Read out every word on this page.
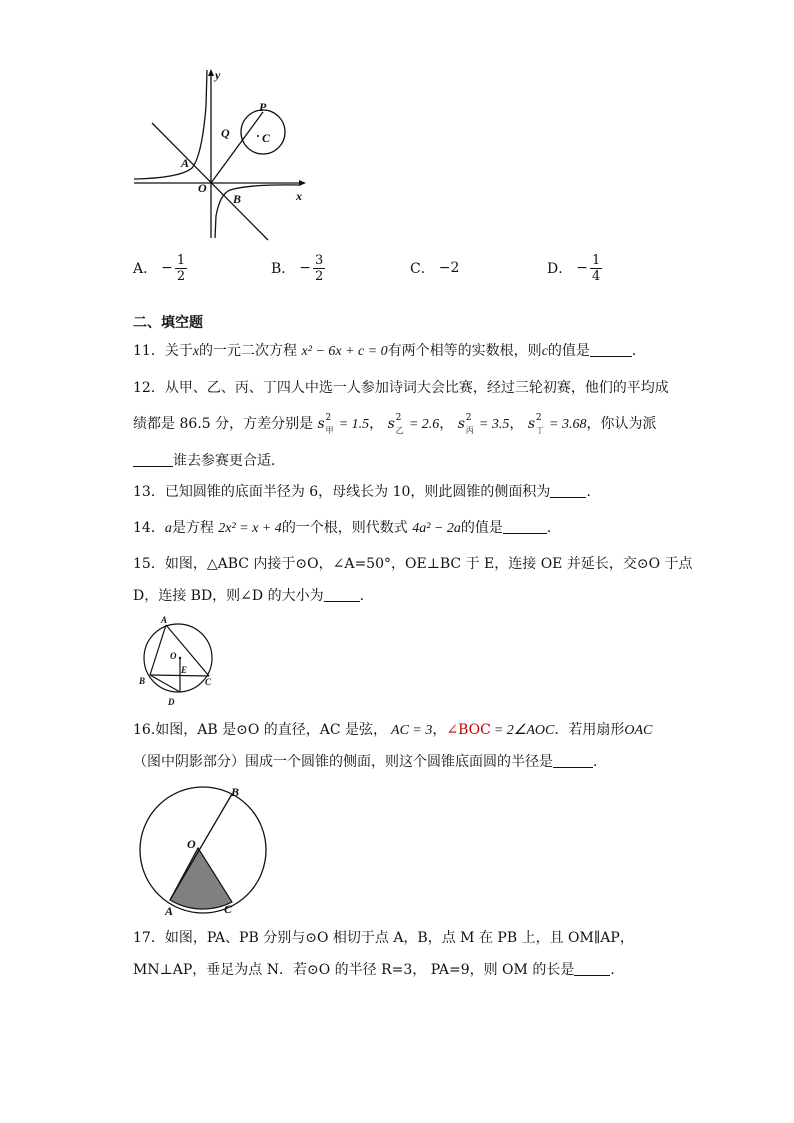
y
x
O
A
B
Q
P
C
A． − $\frac{1}{2}$	B． − $\frac{3}{2}$	C． −2	D． − $\frac{1}{4}$
二、填空题
11．关于x的一元二次方程 x² − 6x + c = 0有两个相等的实数根，则c的值是	．
12．从甲、乙、丙、丁四人中选一人参加诗词大会比赛，经过三轮初赛，他们的平均成
绩都是 86.5 分，方差分别是 s 2
甲 = 1.5， s 2
乙 = 2.6， s 2
丙 = 3.5， s 2
丁 = 3.68，你认为派
谁去参赛更合适．
13．已知圆锥的底面半径为 6，母线长为 10，则此圆锥的侧面积为	．
14．a是方程 2x² = x + 4的一个根，则代数式 4a² − 2a的值是	．
15．如图，△ABC 内接于⊙O，∠A=50°，OE⊥BC 于 E，连接 OE 并延长，交⊙O 于点
D，连接 BD，则∠D 的大小为	．
A
O
E
B	C
D
16.如图，AB 是⊙O 的直径，AC 是弦， AC = 3，∠BOC = 2∠AOC．若用扇形OAC
（图中阴影部分）围成一个圆锥的侧面，则这个圆锥底面圆的半径是	．
B
O
A	C
17．如图，PA、PB 分别与⊙O 相切于点 A，B，点 M 在 PB 上，且 OM∥AP，
MN⊥AP，垂足为点 N．若⊙O 的半径 R=3， PA=9，则 OM 的长是	．
